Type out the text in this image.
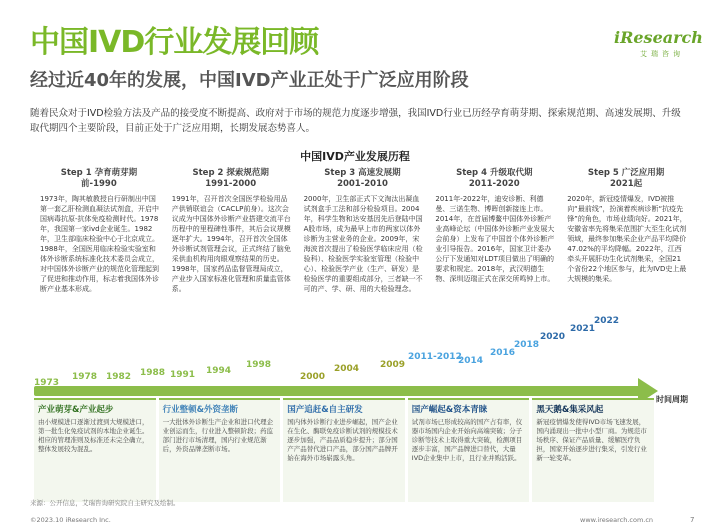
中国IVD行业发展回顾
经过近40年的发展，中国IVD产业正处于广泛应用阶段
iResearch
艾瑞咨询
随着民众对于IVD检验方法及产品的接受度不断提高、政府对于市场的规范力度逐步增强，我国IVD行业已历经孕育萌芽期、探索规范期、高速发展期、升级取代期四个主要阶段，目前正处于广泛应用期，长期发展态势喜人。
中国IVD产业发展历程
Step 1 孕育萌芽期
前-1990
1973年，陶其敏教授自行研制出中国第一套乙肝检测血凝法试剂盒，开启中国病毒抗原-抗体免疫检测时代。1978年，我国第一家ivd企业诞生。1982年，卫生部临床检验中心于北京成立。1988年，全国医用临床检验实验室和体外诊断系统标准化技术委员会成立，对中国体外诊断产业的规范化管理起到了促进和推动作用，标志着我国体外诊断产业基本形成。
Step 2 探索规范期
1991-2000
1991年，召开首次全国医学检验用品产供销联谊会（CACLP前身）。这次会议成为中国体外诊断产业搭建交流平台历程中的里程碑性事件，其后会议规模逐年扩大。1994年，召开首次全国体外诊断试剂管理会议，正式终结了脑免采供血机构用肉眼观察结果的历史。1998年，国家药品监督管理局成立，产业步入国家标准化管理和质量监管体系。
Step 3 高速发展期
2001-2010
2000年，卫生部正式下文淘汰出凝血试剂盒手工法和部分检验项目。2004年，科学生物和达安基因先后登陆中国A股市场，成为最早上市的两家以体外诊断为主营业务的企业。2009年，宋海波首次提出了检验医学临床应用（检验科）、检验医学实验室管理（检验中心）、检验医学产业（生产、研发）是检验医学的重要组成部分，三者缺一不可的产、学、研、用的大检验理念。
Step 4 升级取代期
2011-2020
2011年-2022年，迪安诊断、利德曼、三诺生物、博晖创新接连上市。2014年，在首届博鳌中国体外诊断产业高峰论坛（中国体外诊断产业发展大会前身）上发布了中国首个体外诊断产业引导报告。2016年，国家卫计委办公厅下发通知对LDT项目做出了明确的要求和规定。2018年，武汉明德生物、深圳迈瑞正式在深交所鸣钟上市。
Step 5 广泛应用期
2021起
2020年，新冠疫情爆发，IVD被推向“最前线”，扮演着疾病诊断“抗疫先锋”的角色，市场业绩向好。2021年，安徽省率先将集采范围扩大至生化试剂领域，最终参加集采企业产品平均降价47.02%的平均降幅。2022年，江西牵头开展肝功生化试剂集采，全国21个省份22个地区参与，此为IVD史上最大规模的集采。
时间周期
1973
1978 1982 1988 1991 1994
1998
2000
2004 2009
2011-2012
2014
2016
2018
2020
2021
2022
产业萌芽&产业起步
由小规模进口逐渐过渡到大规模进口，第一批生化免疫试剂的本地企业诞生。相应的管理准则及标准还未完全确立，整体发展较为混乱。
行业整顿&外资垄断
一大批体外诊断生产企业和进口代理企业创运而生，行业进入整顿阶段；药监部门进行市场清理，国内行业规范渐后，外资品牌垄断市场。
国产追赶&自主研发
国内体外诊断行业进步崛起，国产企业在生化、酶联免疫诊断试剂的规模技术逐步加强，产品品质稳步提升；部分国产产品替代进口产品，部分国产品牌开始在海外市场崭露头角。
国产崛起&资本青睐
试剂市场已形成较高的国产占有率，仪器市场国内企业开始向高端突破；分子诊断等技术上取得重大突破，检测项目逐步丰富，国产品牌进口替代，大量IVD企业集中上市，且行业并购活跃。
黑天鹅&集采风起
新冠疫情爆发使得IVD市场飞速发展，国内涌现出一批中小型厂商。为规范市场秩序、保证产品质量、缓解医疗负担，国家开始逐步进行集采，引发行业新一轮变革。
来源：公开信息，艾瑞咨询研究院自主研究及绘制。
©2023.10 iResearch Inc.	www.iresearch.com.cn	7
